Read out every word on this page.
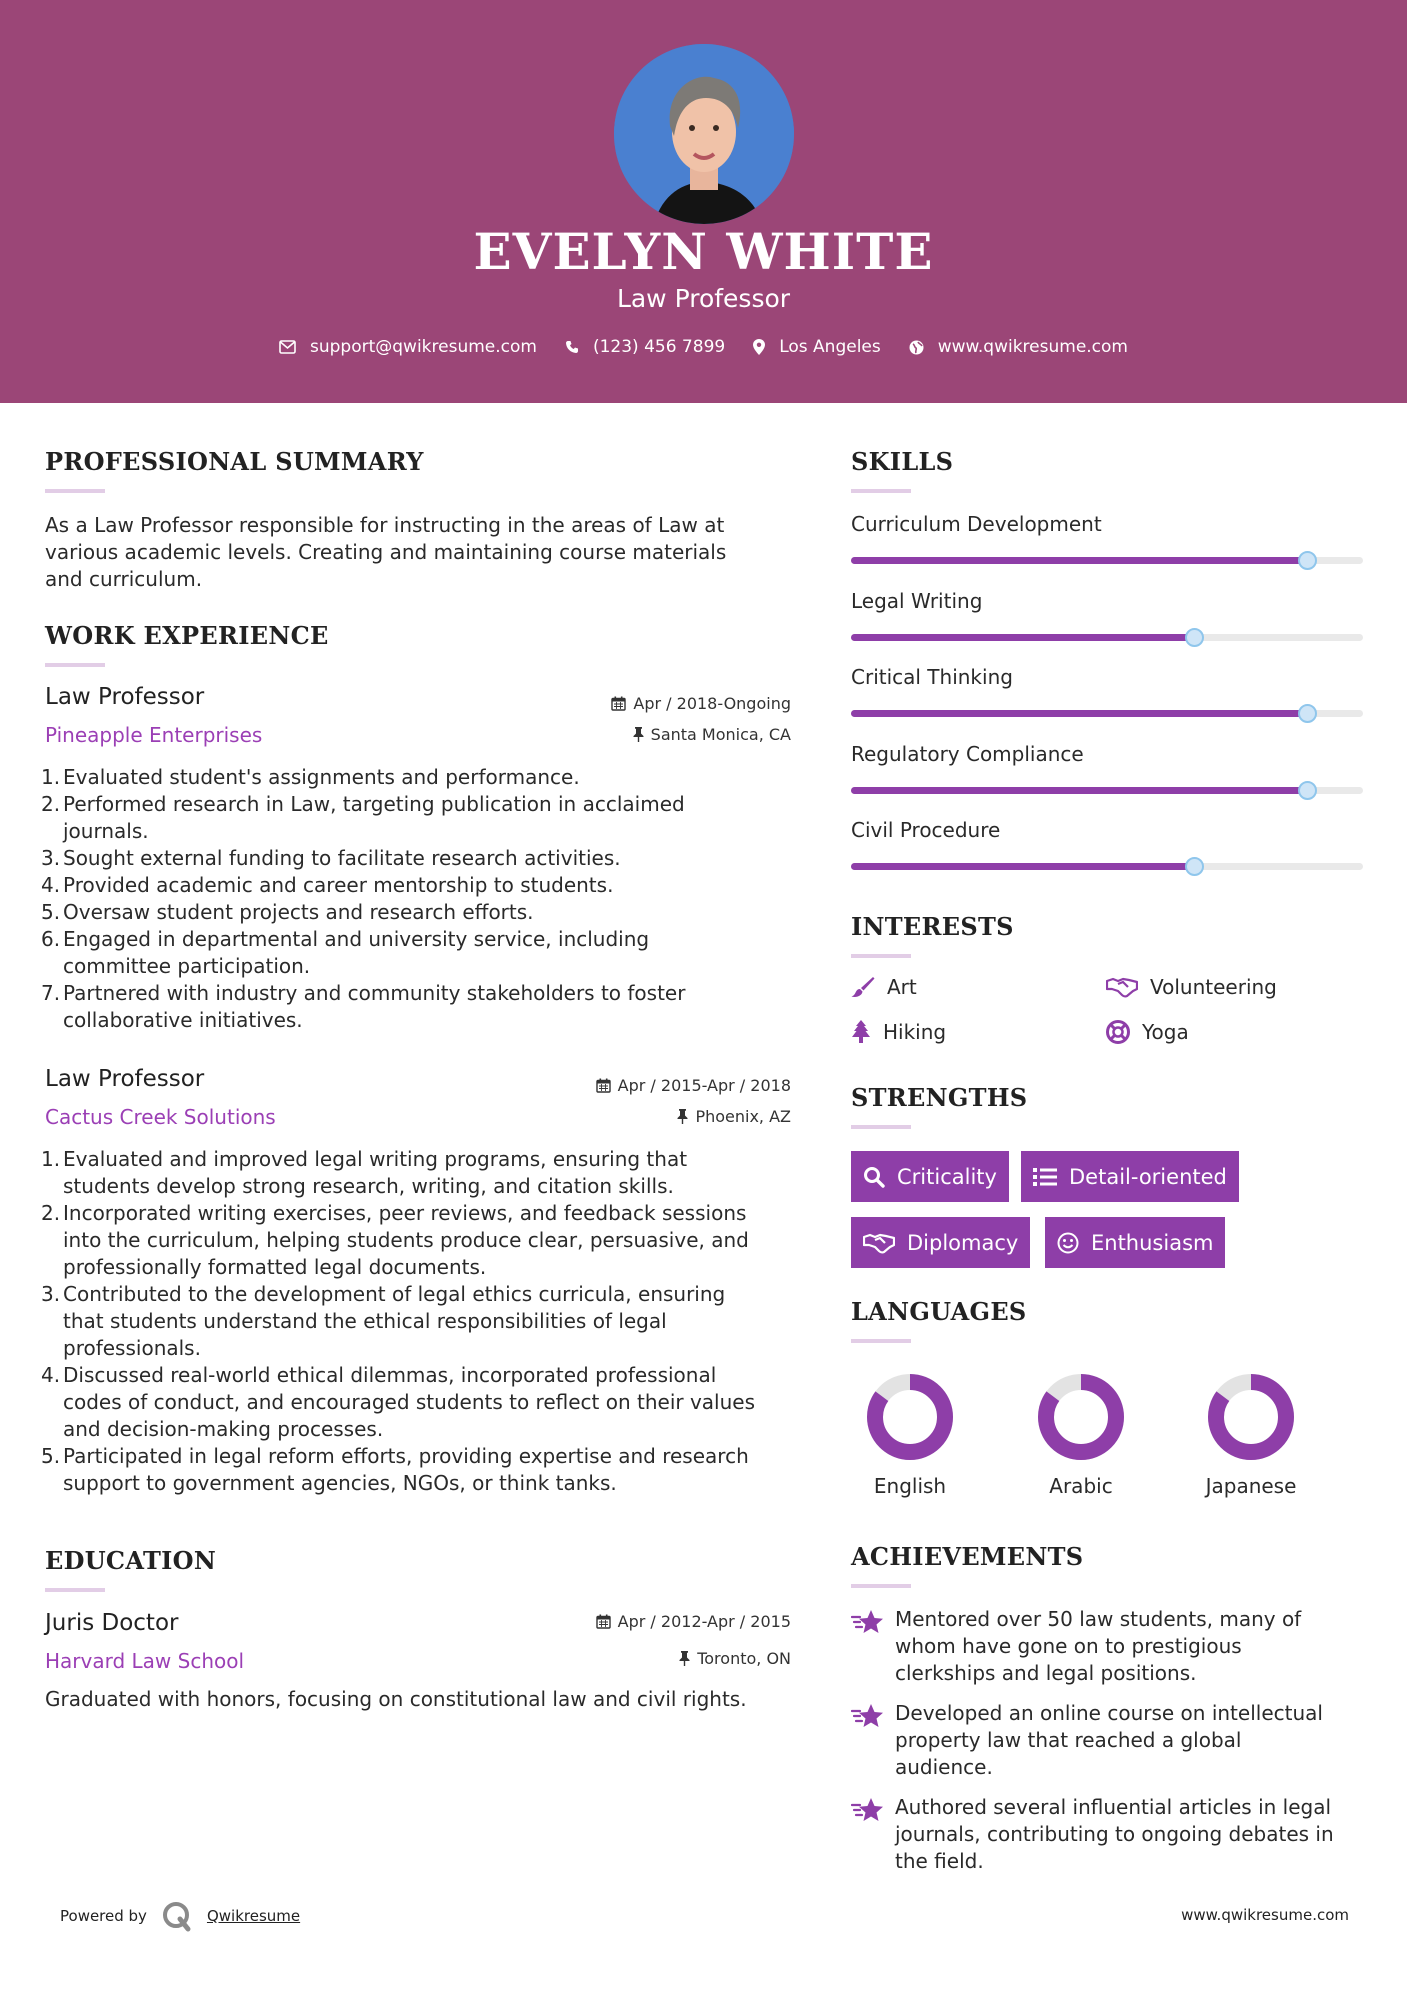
EVELYN WHITE
Law Professor
support@qwikresume.com	(123) 456 7899	Los Angeles	www.qwikresume.com
PROFESSIONAL SUMMARY
As a Law Professor responsible for instructing in the areas of Law at
various academic levels. Creating and maintaining course materials
and curriculum.
WORK EXPERIENCE
Law Professor
Pineapple Enterprises
Apr / 2018-Ongoing
Santa Monica, CA
1. Evaluated student's assignments and performance.
2. Performed research in Law, targeting publication in acclaimed
journals.
3. Sought external funding to facilitate research activities.
4. Provided academic and career mentorship to students.
5. Oversaw student projects and research efforts.
6. Engaged in departmental and university service, including
committee participation.
7. Partnered with industry and community stakeholders to foster
collaborative initiatives.
Law Professor
Cactus Creek Solutions
Apr / 2015-Apr / 2018
Phoenix, AZ
1. Evaluated and improved legal writing programs, ensuring that
students develop strong research, writing, and citation skills.
2. Incorporated writing exercises, peer reviews, and feedback sessions
into the curriculum, helping students produce clear, persuasive, and
professionally formatted legal documents.
3. Contributed to the development of legal ethics curricula, ensuring
that students understand the ethical responsibilities of legal
professionals.
4. Discussed real-world ethical dilemmas, incorporated professional
codes of conduct, and encouraged students to reflect on their values
and decision-making processes.
5. Participated in legal reform efforts, providing expertise and research
support to government agencies, NGOs, or think tanks.
EDUCATION
Juris Doctor
Harvard Law School
Apr / 2012-Apr / 2015
Toronto, ON
Graduated with honors, focusing on constitutional law and civil rights.
SKILLS
Curriculum Development
Legal Writing
Critical Thinking
Regulatory Compliance
Civil Procedure
INTERESTS
Art	Volunteering
Hiking	Yoga
STRENGTHS
Criticality	Detail-oriented
Diplomacy	Enthusiasm
LANGUAGES
English	Arabic	Japanese
ACHIEVEMENTS
Mentored over 50 law students, many of
whom have gone on to prestigious
clerkships and legal positions.
Developed an online course on intellectual
property law that reached a global
audience.
Authored several influential articles in legal
journals, contributing to ongoing debates in
the field.
Powered by	Qwikresume	www.qwikresume.com
